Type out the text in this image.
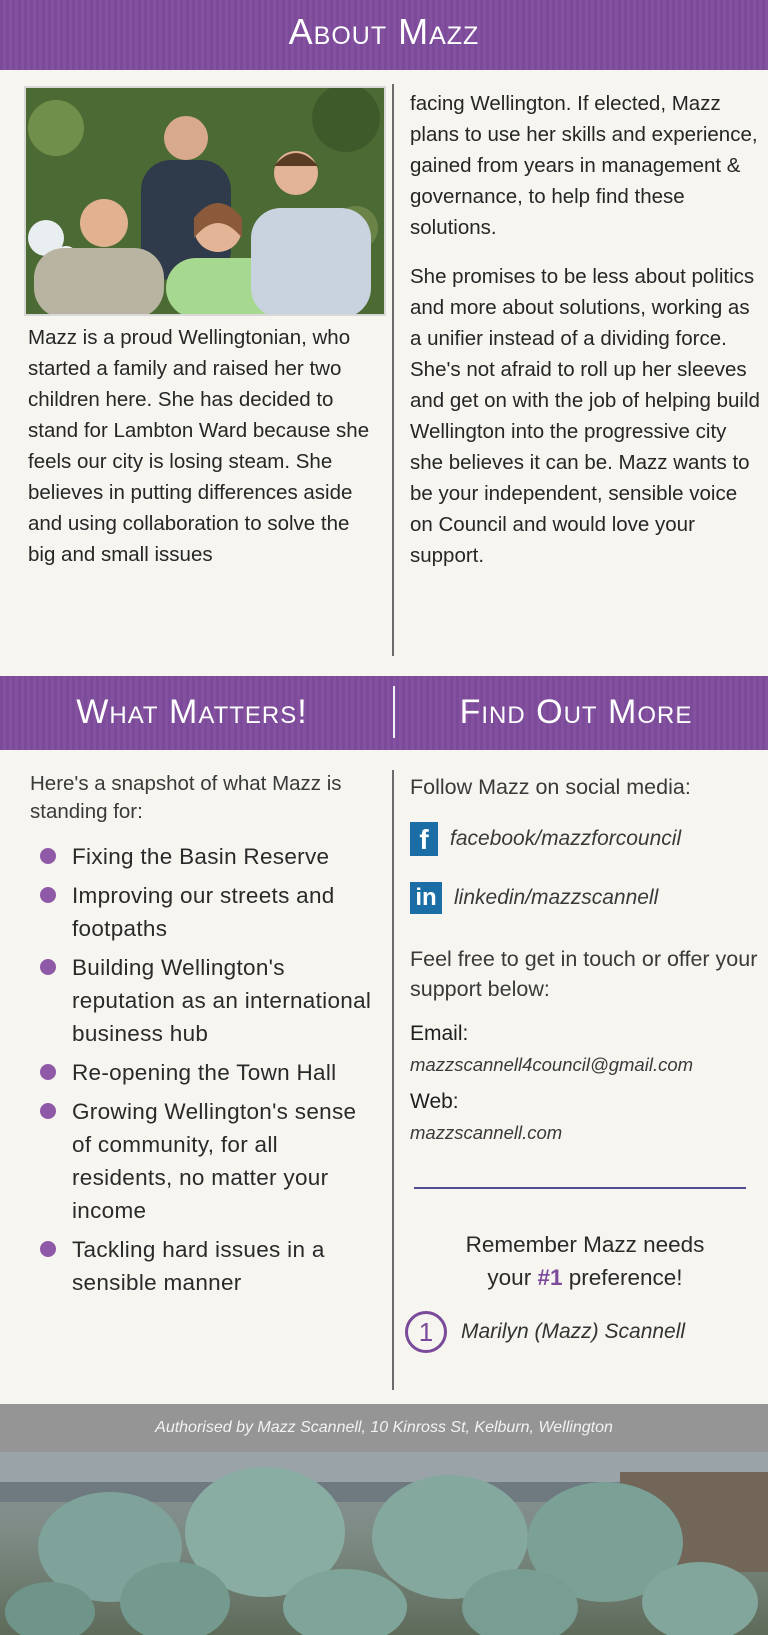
About Mazz
Mazz is a proud Wellingtonian, who started a family and raised her two children here. She has decided to stand for Lambton Ward because she feels our city is losing steam. She believes in putting differences aside and using collaboration to solve the big and small issues

facing Wellington. If elected, Mazz plans to use her skills and experience, gained from years in management & governance, to help find these solutions.

She promises to be less about politics and more about solutions, working as a unifier instead of a dividing force. She's not afraid to roll up her sleeves and get on with the job of helping build Wellington into the progressive city she believes it can be. Mazz wants to be your independent, sensible voice on Council and would love your support.

What Matters!	Find Out More
Here's a snapshot of what Mazz is standing for:
Fixing the Basin Reserve
Improving our streets and footpaths
Building Wellington's reputation as an international business hub
Re-opening the Town Hall
Growing Wellington's sense of community, for all residents, no matter your income
Tackling hard issues in a sensible manner
Follow Mazz on social media:
f	facebook/mazzforcouncil
in linkedin/mazzscannell
Feel free to get in touch or offer your support below:
Email:
mazzscannell4council@gmail.com
Web:
mazzscannell.com
Remember Mazz needs
your #1 preference!
1	Marilyn (Mazz) Scannell
Authorised by Mazz Scannell, 10 Kinross St, Kelburn, Wellington
